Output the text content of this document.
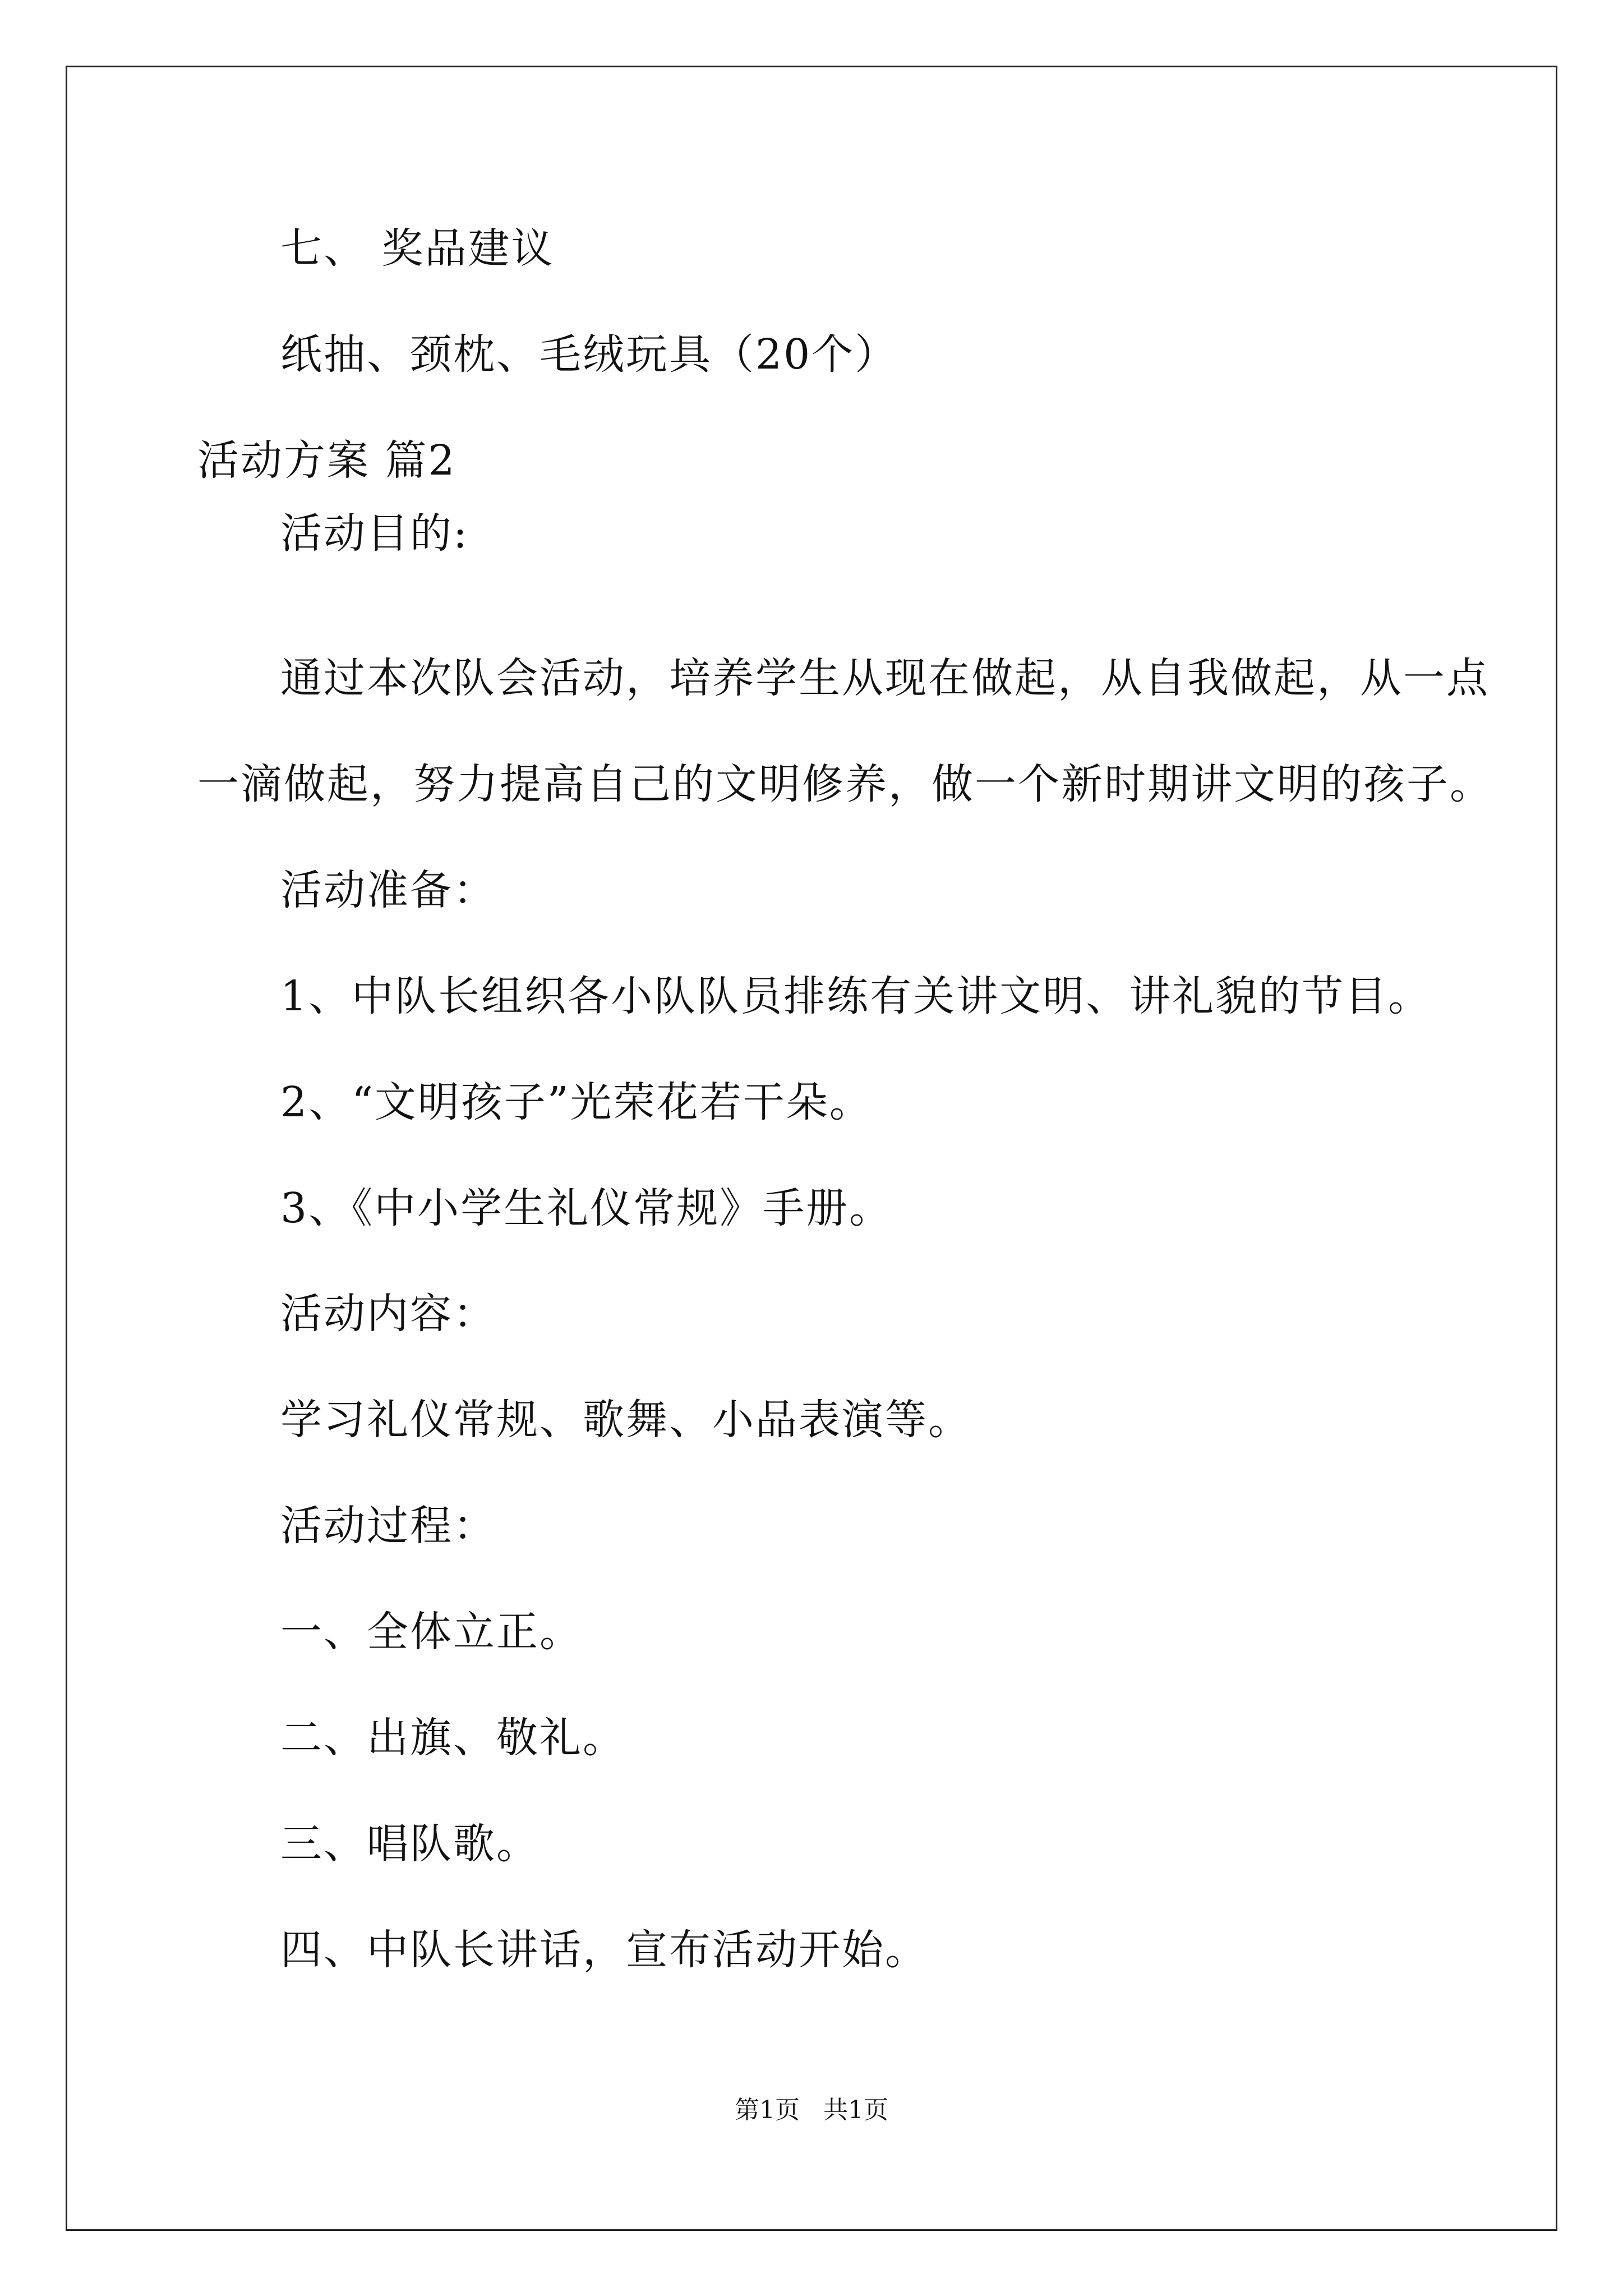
七、 奖品建议
纸抽、颈枕、毛绒玩具（20个）
活动方案 篇2
活动目的:
通过本次队会活动，培养学生从现在做起，从自我做起，从一点
一滴做起，努力提高自己的文明修养，做一个新时期讲文明的孩子。
活动准备：
1、中队长组织各小队队员排练有关讲文明、讲礼貌的节目。
2、“文明孩子”光荣花若干朵。
3、《中小学生礼仪常规》手册。
活动内容：
学习礼仪常规、歌舞、小品表演等。
活动过程：
一、全体立正。
二、出旗、敬礼。
三、唱队歌。
四、中队长讲话，宣布活动开始。
第1页   共1页
